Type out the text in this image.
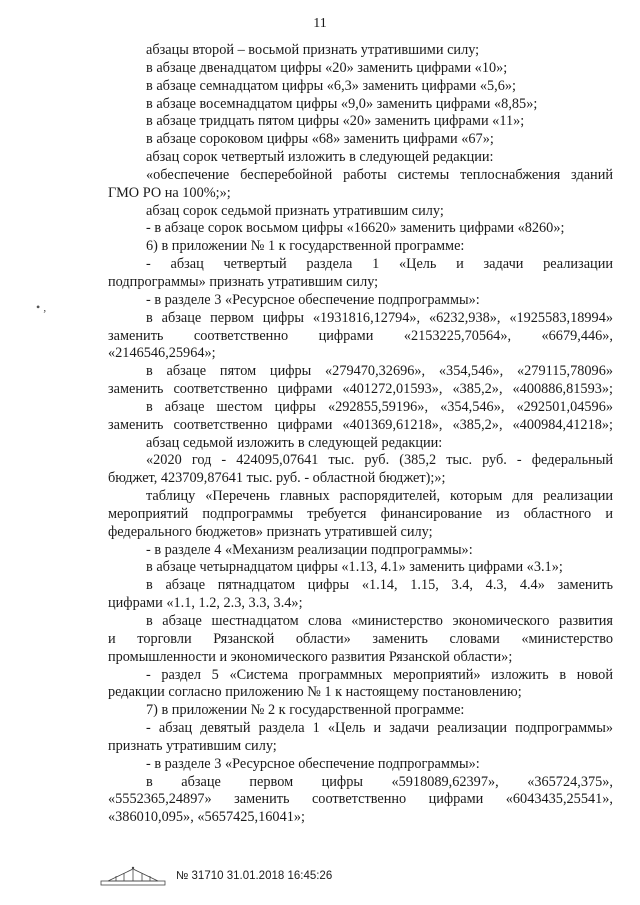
11
• ,

абзацы второй – восьмой признать утратившими силу;

в абзаце двенадцатом цифры «20» заменить цифрами «10»;

в абзаце семнадцатом цифры «6,3» заменить цифрами «5,6»;

в абзаце восемнадцатом цифры «9,0» заменить цифрами «8,85»;

в абзаце тридцать пятом цифры «20» заменить цифрами «11»;

в абзаце сороковом цифры «68» заменить цифрами «67»;

абзац сорок четвертый изложить в следующей редакции:

«обеспечение бесперебойной работы системы теплоснабжения зданий

ГМО РО на 100%;»;

абзац сорок седьмой признать утратившим силу;

- в абзаце сорок восьмом цифры «16620» заменить цифрами «8260»;

6) в приложении № 1 к государственной программе:

- абзац четвертый раздела 1 «Цель и задачи реализации

подпрограммы» признать утратившим силу;

- в разделе 3 «Ресурсное обеспечение подпрограммы»:

в абзаце первом цифры «1931816,12794», «6232,938», «1925583,18994»

заменить соответственно цифрами «2153225,70564», «6679,446»,

«2146546,25964»;

в абзаце пятом цифры «279470,32696», «354,546», «279115,78096»

заменить соответственно цифрами «401272,01593», «385,2», «400886,81593»;

в абзаце шестом цифры «292855,59196», «354,546», «292501,04596»

заменить соответственно цифрами «401369,61218», «385,2», «400984,41218»;

абзац седьмой изложить в следующей редакции:

«2020 год - 424095,07641 тыс. руб. (385,2 тыс. руб. - федеральный

бюджет, 423709,87641 тыс. руб. - областной бюджет);»;

таблицу «Перечень главных распорядителей, которым для реализации

мероприятий подпрограммы требуется финансирование из областного и

федерального бюджетов» признать утратившей силу;

- в разделе 4 «Механизм реализации подпрограммы»:

в абзаце четырнадцатом цифры «1.13, 4.1» заменить цифрами «3.1»;

в абзаце пятнадцатом цифры «1.14, 1.15, 3.4, 4.3, 4.4» заменить

цифрами «1.1, 1.2, 2.3, 3.3, 3.4»;

в абзаце шестнадцатом слова «министерство экономического развития

и торговли Рязанской области» заменить словами «министерство

промышленности и экономического развития Рязанской области»;

- раздел 5 «Система программных мероприятий» изложить в новой

редакции согласно приложению № 1 к настоящему постановлению;

7) в приложении № 2 к государственной программе:

- абзац девятый раздела 1 «Цель и задачи реализации подпрограммы»

признать утратившим силу;

- в разделе 3 «Ресурсное обеспечение подпрограммы»:

в абзаце первом цифры «5918089,62397», «365724,375»,

«5552365,24897» заменить соответственно цифрами «6043435,25541»,

«386010,095», «5657425,16041»;

№ 31710 31.01.2018 16:45:26
